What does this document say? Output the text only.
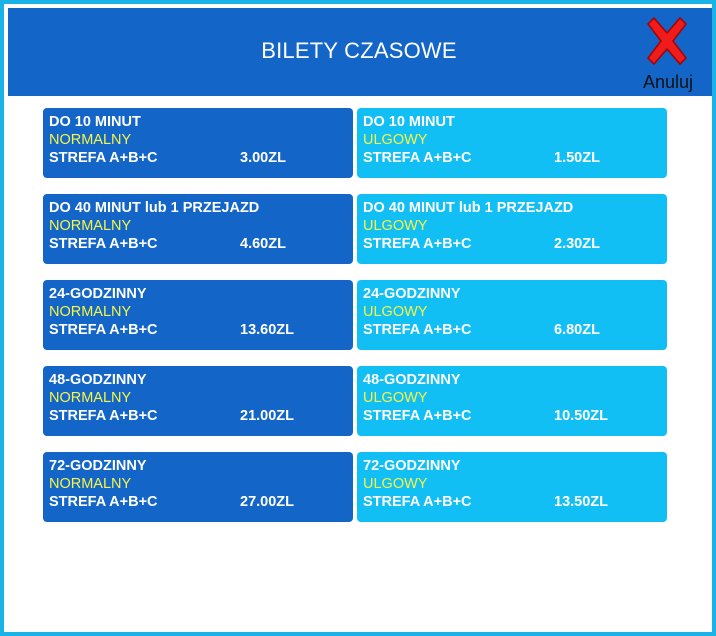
BILETY CZASOWE
Anuluj
DO 10 MINUT
NORMALNY
STREFA A+B+C	3.00ZL
DO 10 MINUT
ULGOWY
STREFA A+B+C	1.50ZL
DO 40 MINUT lub 1 PRZEJAZD
NORMALNY
STREFA A+B+C	4.60ZL
DO 40 MINUT lub 1 PRZEJAZD
ULGOWY
STREFA A+B+C	2.30ZL
24-GODZINNY
NORMALNY
STREFA A+B+C	13.60ZL
24-GODZINNY
ULGOWY
STREFA A+B+C	6.80ZL
48-GODZINNY
NORMALNY
STREFA A+B+C	21.00ZL
48-GODZINNY
ULGOWY
STREFA A+B+C	10.50ZL
72-GODZINNY
NORMALNY
STREFA A+B+C	27.00ZL
72-GODZINNY
ULGOWY
STREFA A+B+C	13.50ZL
